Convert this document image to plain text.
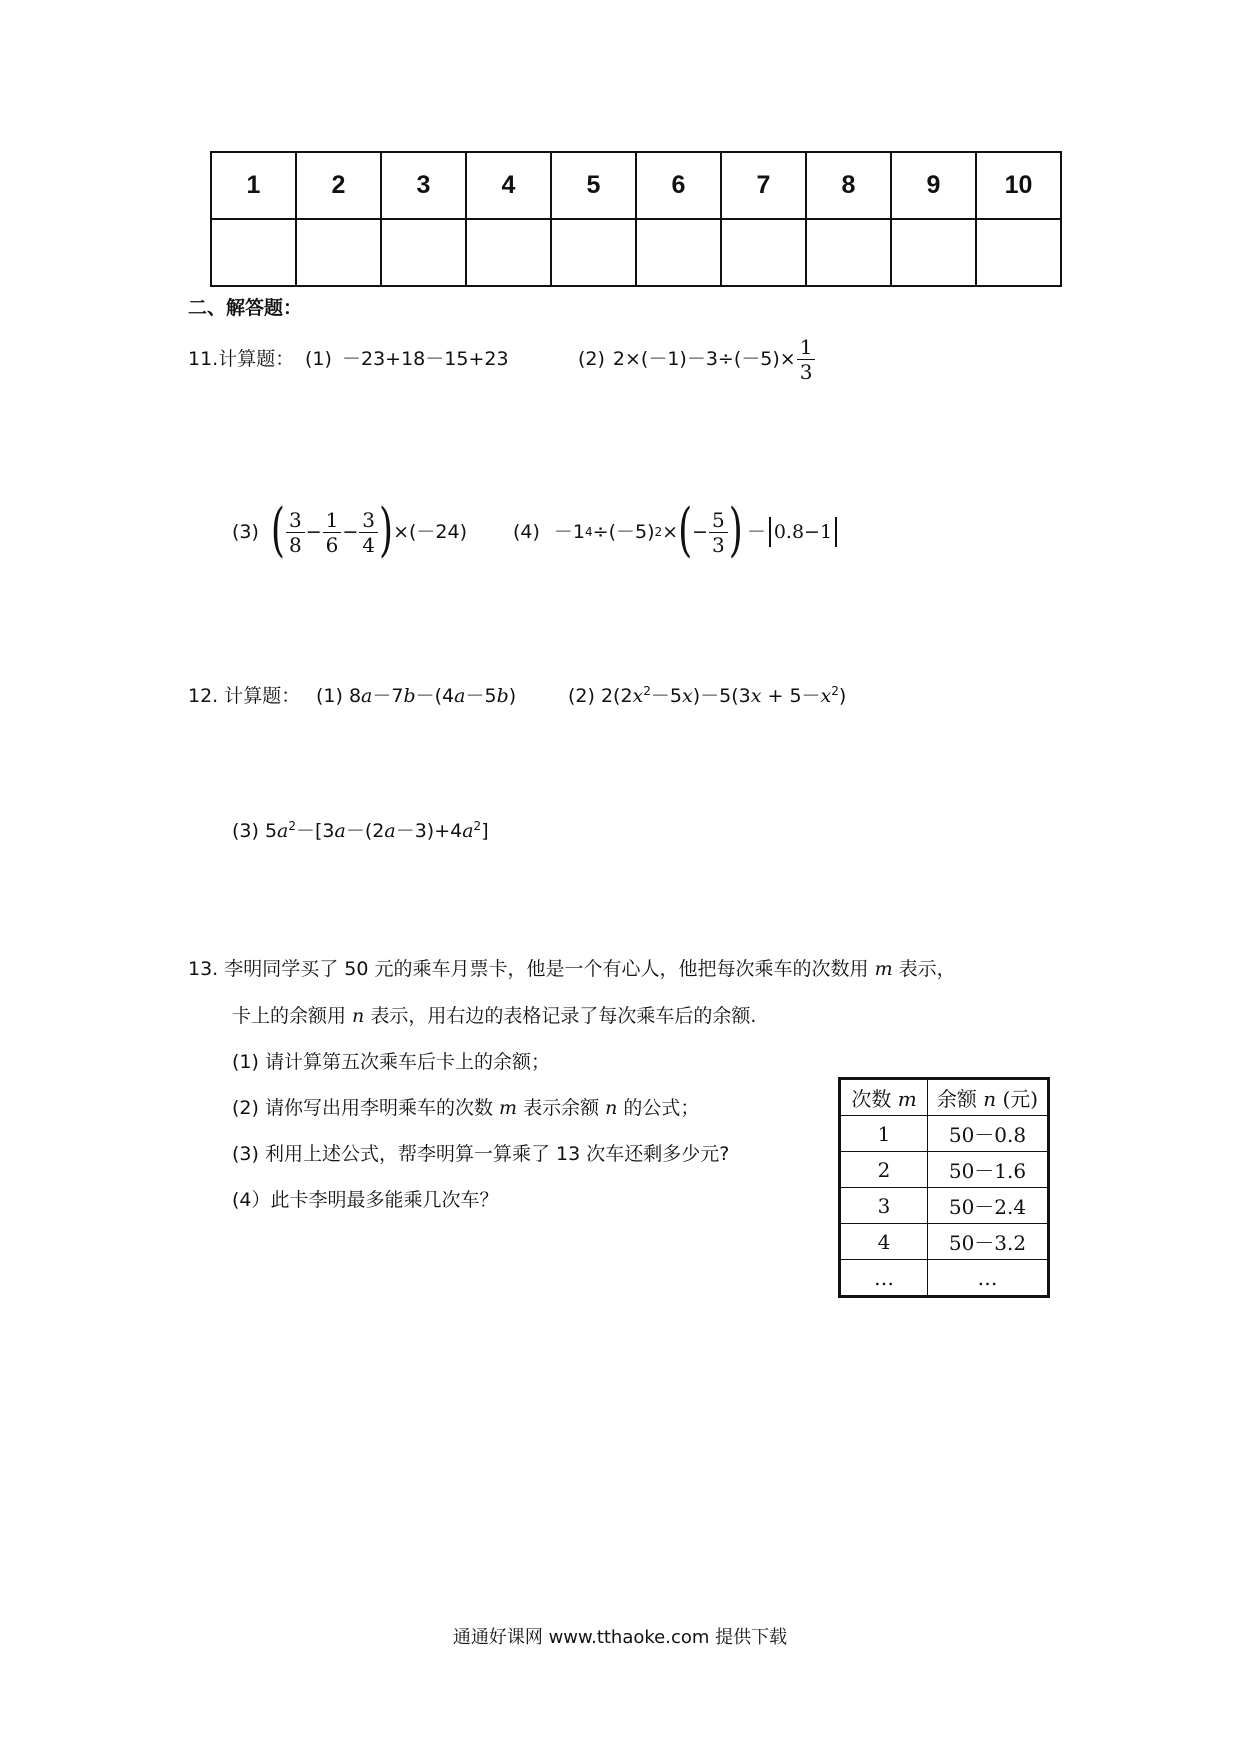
1	2	3	4	5	6	7	8	9	10

二、解答题：
11.计算题： (1) －23+18－15+23	(2) $2\times(-1)-3\div(-5)\times \frac{1}{3}$
(3) ( $\frac{3}{8} - \frac{1}{6} - \frac{3}{4}$ ) ×(－24) (4) －1 4 ÷(－5) 2 × ( − $\frac{5}{3}$ ) － 0.8−1
12. 计算题： (1) 8a－7b－(4a－5b)	(2) $2(2x^2-5x)-5(3x + 5-x^2)$
(3) $5a^2-[3a-(2a-3)+4a^2]$
13. 李明同学买了 50 元的乘车月票卡，他是一个有心人，他把每次乘车的次数用 m 表示，
卡上的余额用 n 表示，用右边的表格记录了每次乘车后的余额.
(1) 请计算第五次乘车后卡上的余额；
(2) 请你写出用李明乘车的次数 m 表示余额 n 的公式；
(3) 利用上述公式，帮李明算一算乘了 13 次车还剩多少元?
(4）此卡李明最多能乘几次车？
次数 m	余额 n (元)
1	50－0.8
2	50－1.6
3	50－2.4
4	50－3.2
…	…
通通好课网 www.tthaoke.com 提供下载
